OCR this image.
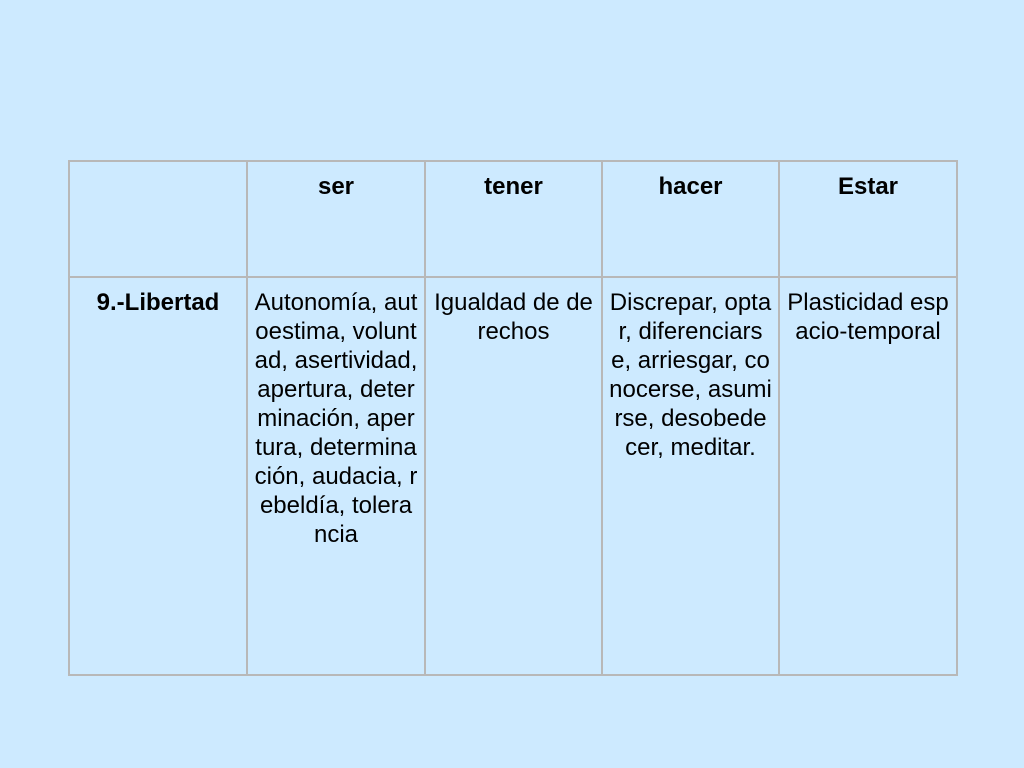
	ser	tener	hacer	Estar

9.-Libertad	Autonomía, autoestima, voluntad, asertividad, apertura, determinación, apertura, determinación, audacia, rebeldía, tolerancia	Igualdad de derechos	Discrepar, optar, diferenciarse, arriesgar, conocerse, asumirse, desobedecer, meditar.	Plasticidad espacio-temporal
